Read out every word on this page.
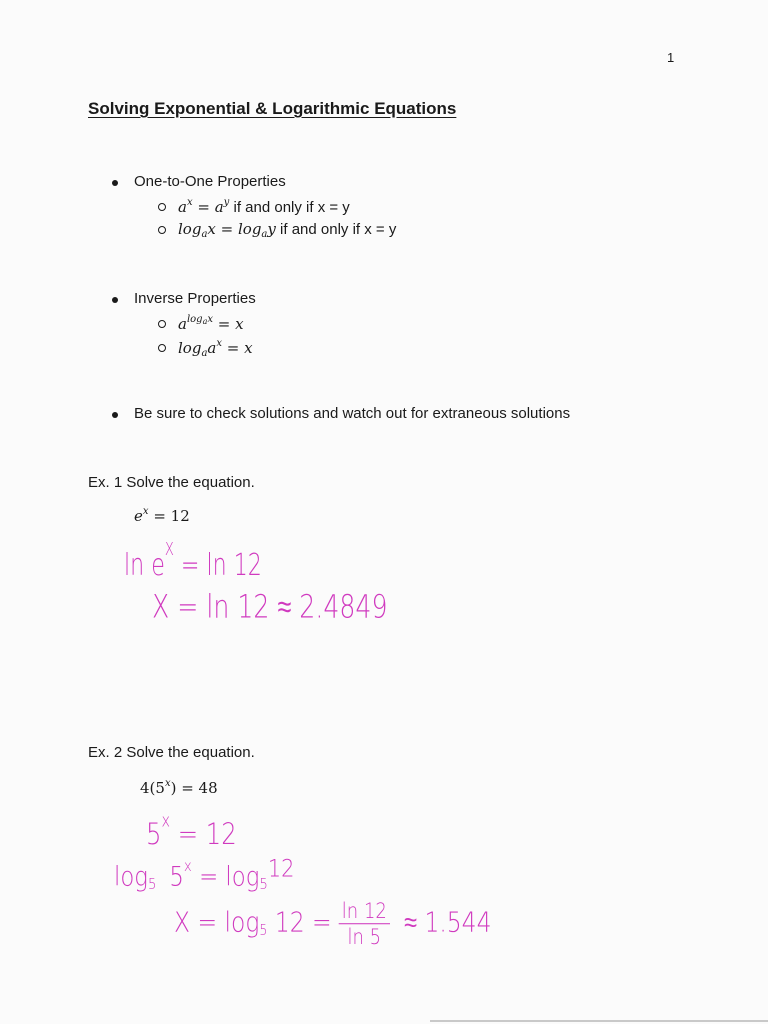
1
Solving Exponential & Logarithmic Equations
One-to-One Properties
$a^x = a^y$ if and only if x = y
$\log_ax = \log_ay$ if and only if x = y
Inverse Properties
$a^{log_ax} = x$
$\log_aa^x = x$
Be sure to check solutions and watch out for extraneous solutions
Ex. 1 Solve the equation.
$e^x = 12$
$\ln e^X = \ln 12$
X = ln 12 ≈ 2.4849
Ex. 2 Solve the equation.
$4(5^x) = 48$
$5^x = 12$
$\log_5 5^x = \log_512$
$X = \log_5 12 = \frac{\ln 12}{\ln 5} \approx 1.544$
